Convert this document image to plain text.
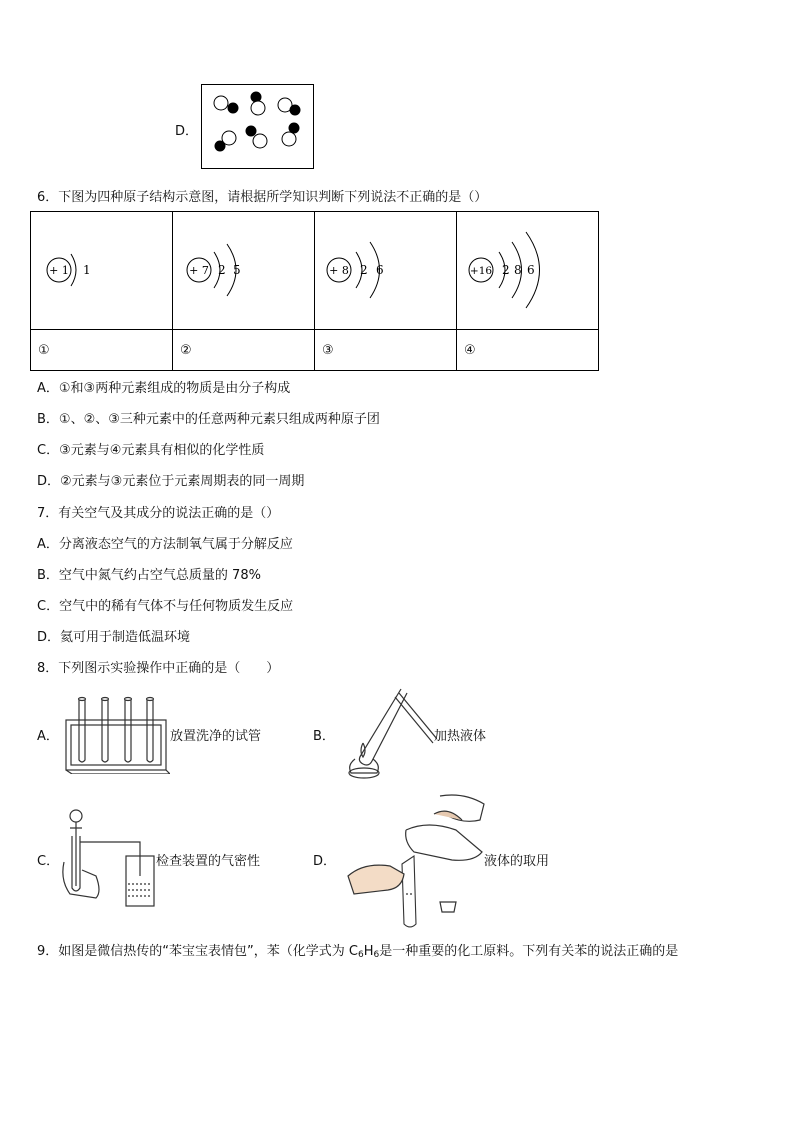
D．
6．下图为四种原子结构示意图，请根据所学知识判断下列说法不正确的是（）
+ 1 1	+ 7 2 5	+ 8 2 6	+16 2 8 6

①	②	③	④
A．①和③两种元素组成的物质是由分子构成
B．①、②、③三种元素中的任意两种元素只组成两种原子团
C．③元素与④元素具有相似的化学性质
D．②元素与③元素位于元素周期表的同一周期
7．有关空气及其成分的说法正确的是（）
A．分离液态空气的方法制氧气属于分解反应
B．空气中氮气约占空气总质量的 78%
C．空气中的稀有气体不与任何物质发生反应
D．氦可用于制造低温环境
8．下列图示实验操作中正确的是（　　）
A．	放置洗净的试管	B．	加热液体
C．	检查装置的气密性	D．	液体的取用
9．如图是微信热传的“苯宝宝表情包”，苯（化学式为 $C_6H_6$是一种重要的化工原料。下列有关苯的说法正确的是
